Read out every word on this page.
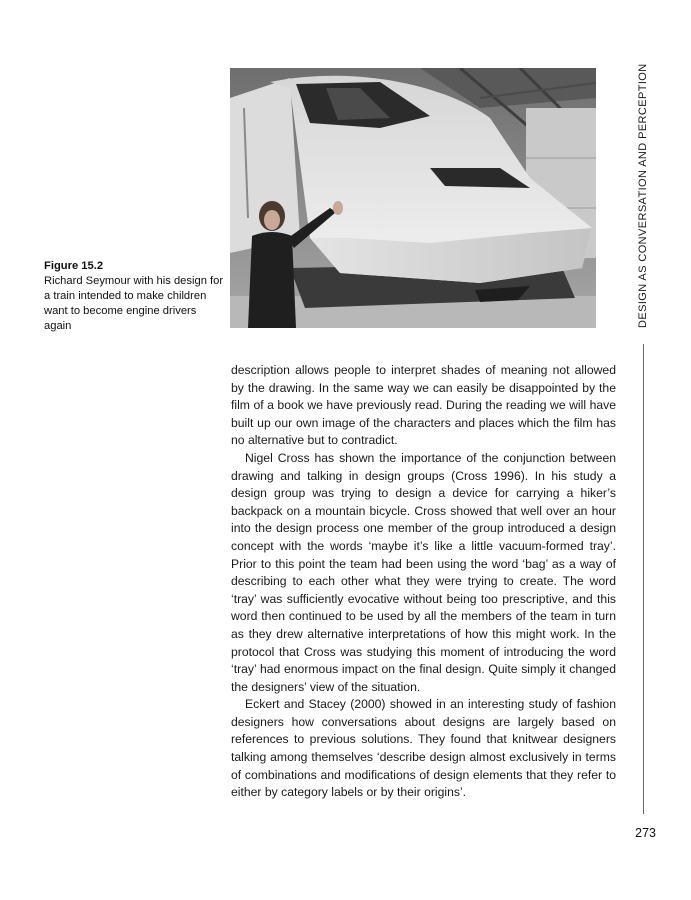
Figure 15.2
Richard Seymour with his design for a train intended to make children want to become engine drivers again

description allows people to interpret shades of meaning not allowed by the drawing. In the same way we can easily be disappointed by the film of a book we have previously read. During the reading we will have built up our own image of the characters and places which the film has no alternative but to contradict.

Nigel Cross has shown the importance of the conjunction between drawing and talking in design groups (Cross 1996). In his study a design group was trying to design a device for carrying a hiker’s backpack on a mountain bicycle. Cross showed that well over an hour into the design process one member of the group introduced a design concept with the words ‘maybe it’s like a little vacuum-formed tray’. Prior to this point the team had been using the word ‘bag’ as a way of describing to each other what they were trying to create. The word ‘tray’ was sufficiently evocative without being too prescriptive, and this word then continued to be used by all the members of the team in turn as they drew alternative interpretations of how this might work. In the protocol that Cross was studying this moment of introducing the word ‘tray’ had enormous impact on the final design. Quite simply it changed the designers’ view of the situation.

Eckert and Stacey (2000) showed in an interesting study of fashion designers how conversations about designs are largely based on references to previous solutions. They found that knitwear designers talking among themselves ‘describe design almost exclusively in terms of combinations and modifications of design elements that they refer to either by category labels or by their origins’.

DESIGN AS CONVERSATION AND PERCEPTION
273
